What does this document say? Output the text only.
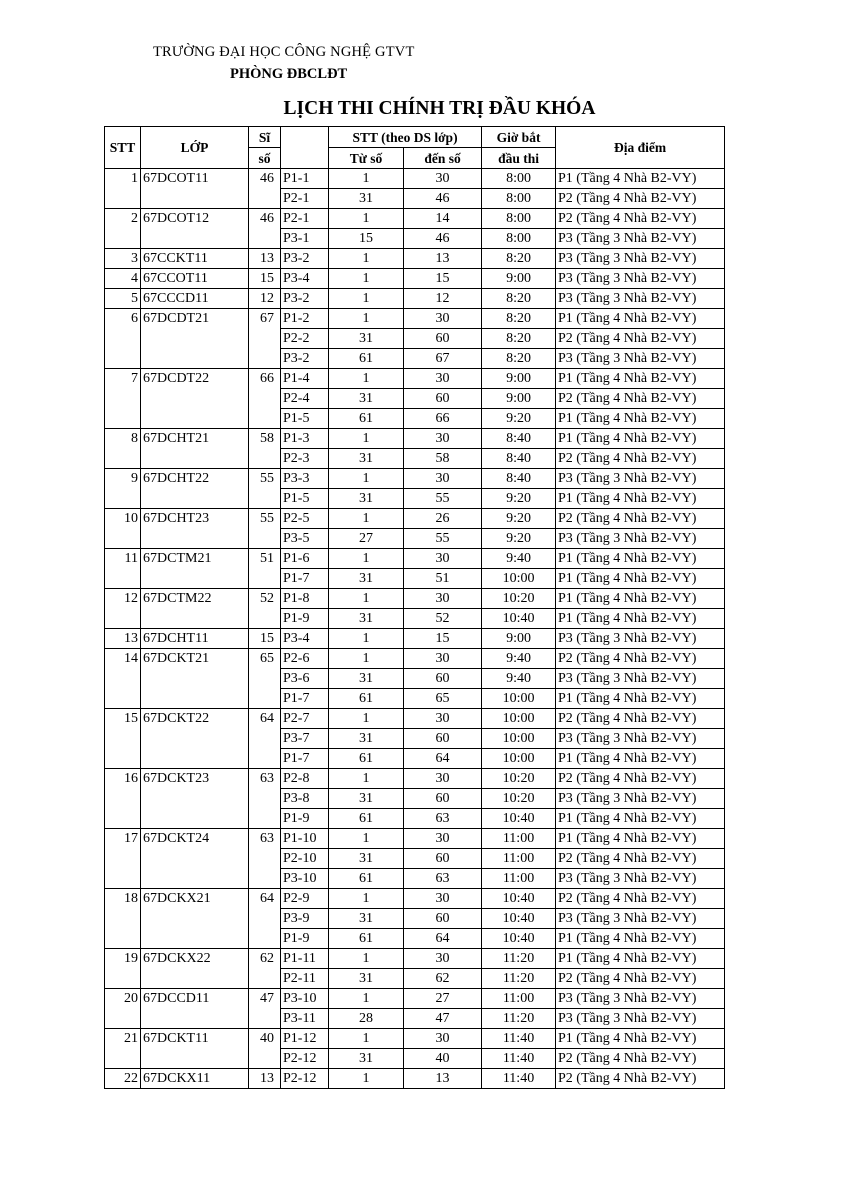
TRƯỜNG ĐẠI HỌC CÔNG NGHỆ GTVT
PHÒNG ĐBCLĐT
LỊCH THI CHÍNH TRỊ ĐẦU KHÓA
STT	LỚP	Sĩ		STT (theo DS lớp)		Giờ bắt	Địa điểm
		số		Từ số	đến số	đầu thi	
1	67DCOT11	46	P1-1	1	30	8:00	P1 (Tầng 4 Nhà B2-VY)
			P2-1	31	46	8:00	P2 (Tầng 4 Nhà B2-VY)
2	67DCOT12	46	P2-1	1	14	8:00	P2 (Tầng 4 Nhà B2-VY)
			P3-1	15	46	8:00	P3 (Tầng 3 Nhà B2-VY)
3	67CCKT11	13	P3-2	1	13	8:20	P3 (Tầng 3 Nhà B2-VY)
4	67CCOT11	15	P3-4	1	15	9:00	P3 (Tầng 3 Nhà B2-VY)
5	67CCCD11	12	P3-2	1	12	8:20	P3 (Tầng 3 Nhà B2-VY)
6	67DCDT21	67	P1-2	1	30	8:20	P1 (Tầng 4 Nhà B2-VY)
			P2-2	31	60	8:20	P2 (Tầng 4 Nhà B2-VY)
			P3-2	61	67	8:20	P3 (Tầng 3 Nhà B2-VY)
7	67DCDT22	66	P1-4	1	30	9:00	P1 (Tầng 4 Nhà B2-VY)
			P2-4	31	60	9:00	P2 (Tầng 4 Nhà B2-VY)
			P1-5	61	66	9:20	P1 (Tầng 4 Nhà B2-VY)
8	67DCHT21	58	P1-3	1	30	8:40	P1 (Tầng 4 Nhà B2-VY)
			P2-3	31	58	8:40	P2 (Tầng 4 Nhà B2-VY)
9	67DCHT22	55	P3-3	1	30	8:40	P3 (Tầng 3 Nhà B2-VY)
			P1-5	31	55	9:20	P1 (Tầng 4 Nhà B2-VY)
10	67DCHT23	55	P2-5	1	26	9:20	P2 (Tầng 4 Nhà B2-VY)
			P3-5	27	55	9:20	P3 (Tầng 3 Nhà B2-VY)
11	67DCTM21	51	P1-6	1	30	9:40	P1 (Tầng 4 Nhà B2-VY)
			P1-7	31	51	10:00	P1 (Tầng 4 Nhà B2-VY)
12	67DCTM22	52	P1-8	1	30	10:20	P1 (Tầng 4 Nhà B2-VY)
			P1-9	31	52	10:40	P1 (Tầng 4 Nhà B2-VY)
13	67DCHT11	15	P3-4	1	15	9:00	P3 (Tầng 3 Nhà B2-VY)
14	67DCKT21	65	P2-6	1	30	9:40	P2 (Tầng 4 Nhà B2-VY)
			P3-6	31	60	9:40	P3 (Tầng 3 Nhà B2-VY)
			P1-7	61	65	10:00	P1 (Tầng 4 Nhà B2-VY)
15	67DCKT22	64	P2-7	1	30	10:00	P2 (Tầng 4 Nhà B2-VY)
			P3-7	31	60	10:00	P3 (Tầng 3 Nhà B2-VY)
			P1-7	61	64	10:00	P1 (Tầng 4 Nhà B2-VY)
16	67DCKT23	63	P2-8	1	30	10:20	P2 (Tầng 4 Nhà B2-VY)
			P3-8	31	60	10:20	P3 (Tầng 3 Nhà B2-VY)
			P1-9	61	63	10:40	P1 (Tầng 4 Nhà B2-VY)
17	67DCKT24	63	P1-10	1	30	11:00	P1 (Tầng 4 Nhà B2-VY)
			P2-10	31	60	11:00	P2 (Tầng 4 Nhà B2-VY)
			P3-10	61	63	11:00	P3 (Tầng 3 Nhà B2-VY)
18	67DCKX21	64	P2-9	1	30	10:40	P2 (Tầng 4 Nhà B2-VY)
			P3-9	31	60	10:40	P3 (Tầng 3 Nhà B2-VY)
			P1-9	61	64	10:40	P1 (Tầng 4 Nhà B2-VY)
19	67DCKX22	62	P1-11	1	30	11:20	P1 (Tầng 4 Nhà B2-VY)
			P2-11	31	62	11:20	P2 (Tầng 4 Nhà B2-VY)
20	67DCCD11	47	P3-10	1	27	11:00	P3 (Tầng 3 Nhà B2-VY)
			P3-11	28	47	11:20	P3 (Tầng 3 Nhà B2-VY)
21	67DCKT11	40	P1-12	1	30	11:40	P1 (Tầng 4 Nhà B2-VY)
			P2-12	31	40	11:40	P2 (Tầng 4 Nhà B2-VY)
22	67DCKX11	13	P2-12	1	13	11:40	P2 (Tầng 4 Nhà B2-VY)
